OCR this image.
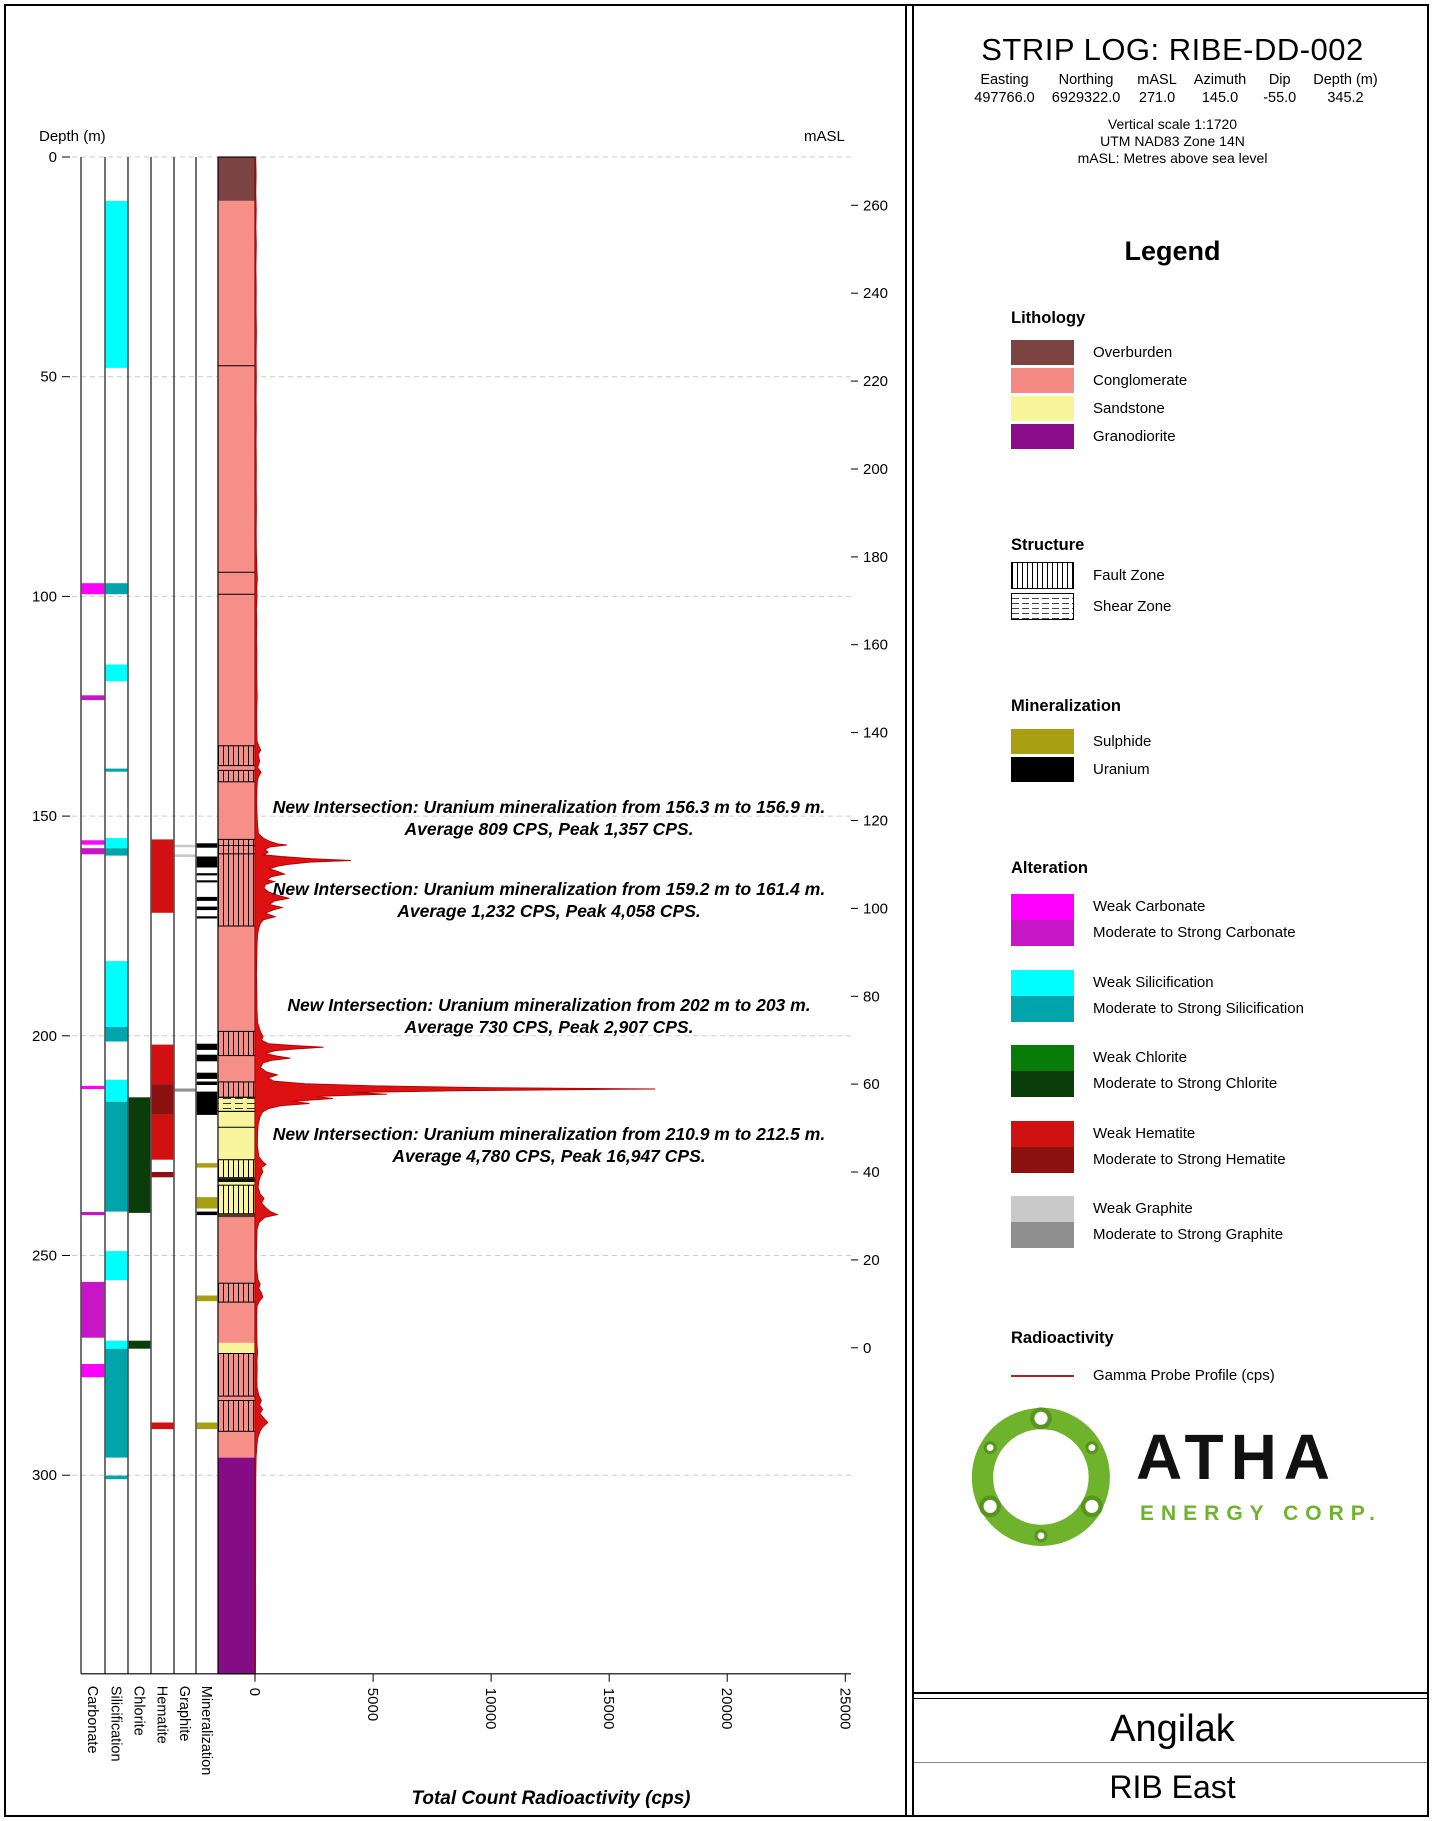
0
50
100
150
200
250
300
260
240
220
200
180
160
140
120
100
80
60
40
20
0
0	5000	10000	15000	20000	25000
Carbonate Silicification Chlorite Hematite Graphite Mineralization
Depth (m)	mASL
Total Count Radioactivity (cps)
New Intersection: Uranium mineralization from 156.3 m to 156.9 m. Average 809 CPS, Peak 1,357 CPS.
New Intersection: Uranium mineralization from 159.2 m to 161.4 m. Average 1,232 CPS, Peak 4,058 CPS.
New Intersection: Uranium mineralization from 202 m to 203 m. Average 730 CPS, Peak 2,907 CPS.
New Intersection: Uranium mineralization from 210.9 m to 212.5 m. Average 4,780 CPS, Peak 16,947 CPS.
STRIP LOG: RIBE-DD-002
Easting
497766.0
Northing
6929322.0
mASL
271.0
Azimuth
145.0
Dip
-55.0
Depth (m)
345.2
Vertical scale 1:1720
UTM NAD83 Zone 14N
mASL: Metres above sea level
Legend
Lithology
Overburden
Conglomerate
Sandstone
Granodiorite
Structure
Fault Zone
Shear Zone
Mineralization
Sulphide
Uranium
Alteration
Weak Carbonate
Moderate to Strong Carbonate
Weak Silicification
Moderate to Strong Silicification
Weak Chlorite
Moderate to Strong Chlorite
Weak Hematite
Moderate to Strong Hematite
Weak Graphite
Moderate to Strong Graphite
Radioactivity
Gamma Probe Profile (cps)
ATHA
ENERGY CORP.
Angilak
RIB East
